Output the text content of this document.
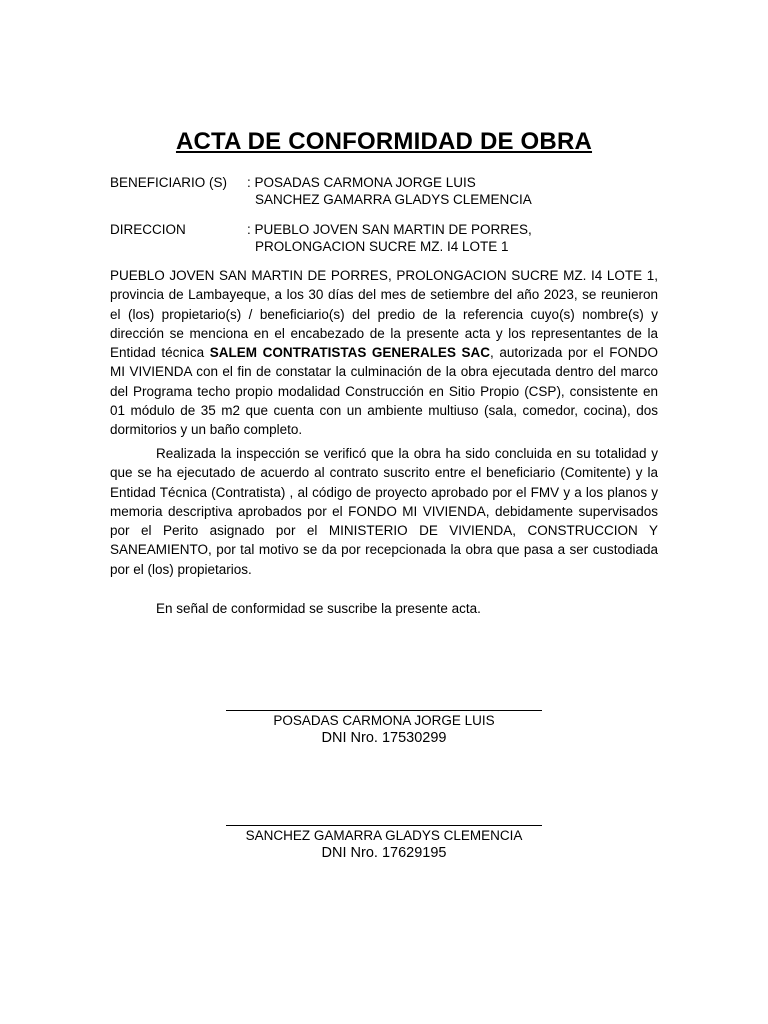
ACTA DE CONFORMIDAD DE OBRA
BENEFICIARIO (S) : POSADAS CARMONA JORGE LUIS
SANCHEZ GAMARRA GLADYS CLEMENCIA
DIRECCION	: PUEBLO JOVEN SAN MARTIN DE PORRES,
PROLONGACION SUCRE MZ. I4 LOTE 1

PUEBLO JOVEN SAN MARTIN DE PORRES, PROLONGACION SUCRE MZ. I4 LOTE 1, provincia de Lambayeque, a los 30 días del mes de setiembre del año 2023, se reunieron el (los) propietario(s) / beneficiario(s) del predio de la referencia cuyo(s) nombre(s) y dirección se menciona en el encabezado de la presente acta y los representantes de la Entidad técnica SALEM CONTRATISTAS GENERALES SAC, autorizada por el FONDO MI VIVIENDA con el fin de constatar la culminación de la obra ejecutada dentro del marco del Programa techo propio modalidad Construcción en Sitio Propio (CSP), consistente en 01 módulo de 35 m2 que cuenta con un ambiente multiuso (sala, comedor, cocina), dos dormitorios y un baño completo.

Realizada la inspección se verificó que la obra ha sido concluida en su totalidad y que se ha ejecutado de acuerdo al contrato suscrito entre el beneficiario (Comitente) y la Entidad Técnica (Contratista) , al código de proyecto aprobado por el FMV y a los planos y memoria descriptiva aprobados por el FONDO MI VIVIENDA, debidamente supervisados por el Perito asignado por el MINISTERIO DE VIVIENDA, CONSTRUCCION Y SANEAMIENTO, por tal motivo se da por recepcionada la obra que pasa a ser custodiada por el (los) propietarios.

En señal de conformidad se suscribe la presente acta.
POSADAS CARMONA JORGE LUIS
DNI Nro. 17530299
SANCHEZ GAMARRA GLADYS CLEMENCIA
DNI Nro. 17629195
